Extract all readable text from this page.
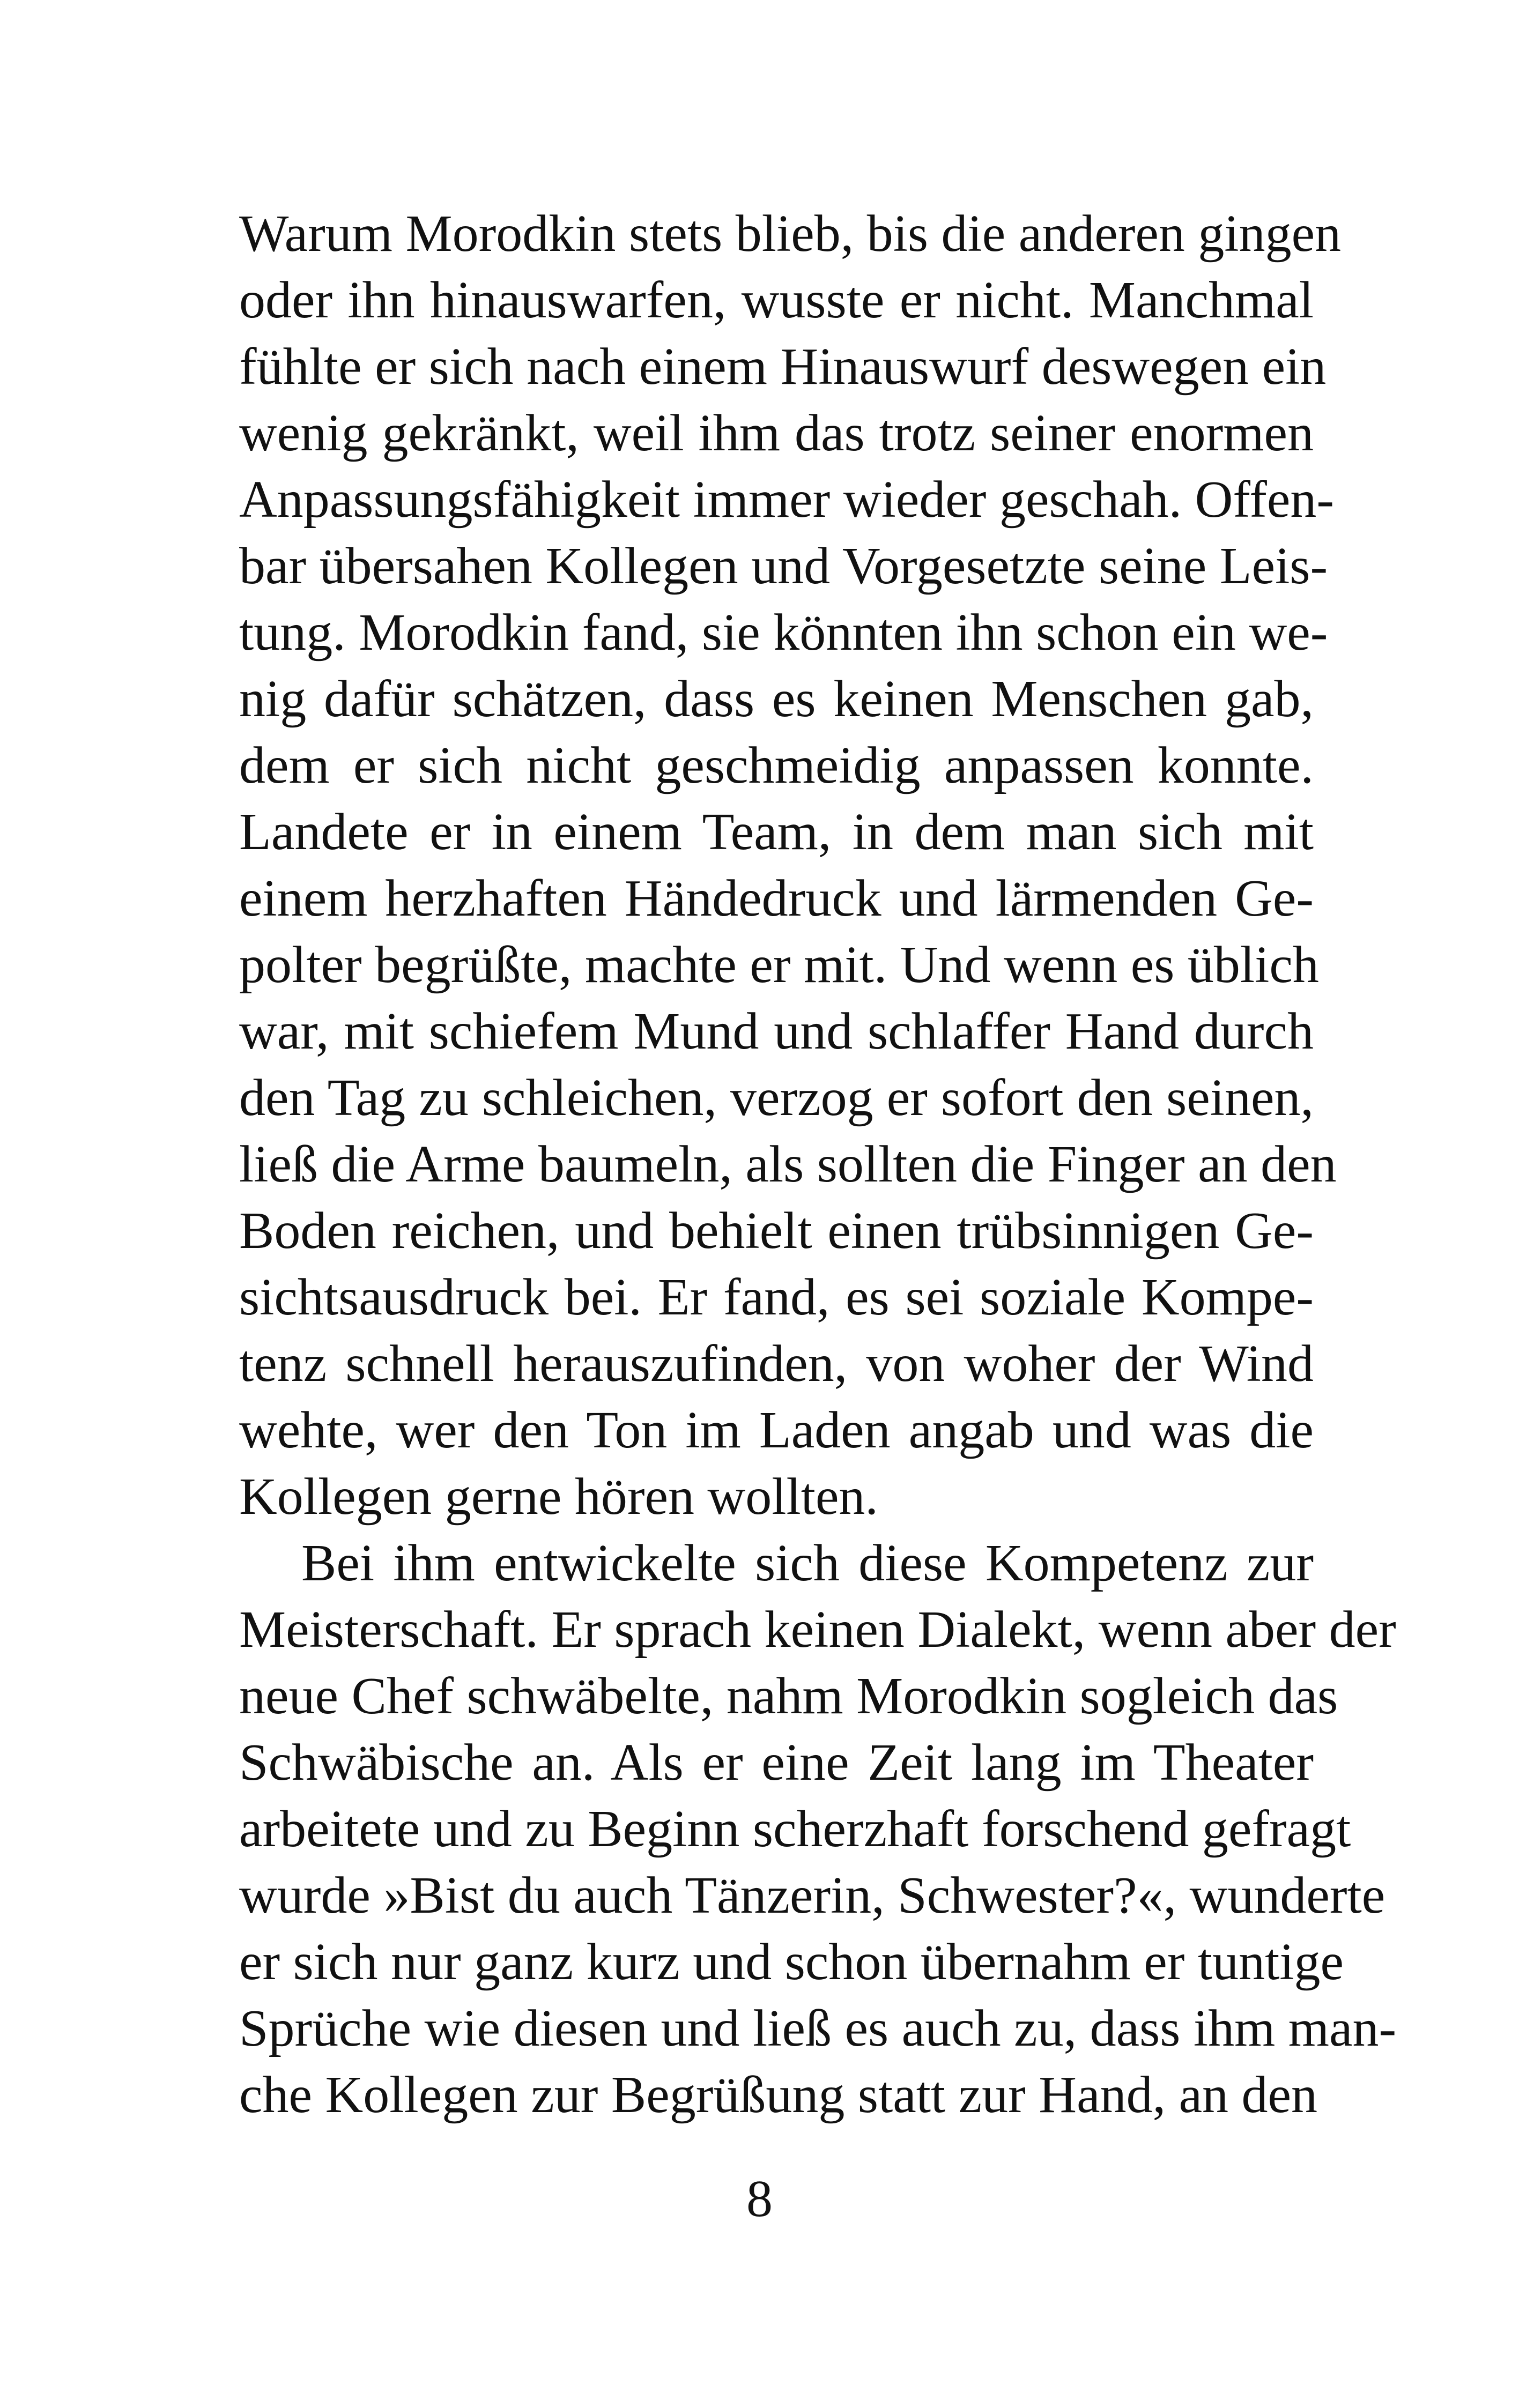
Warum Morodkin stets blieb, bis die anderen gingen
oder ihn hinauswarfen, wusste er nicht. Manchmal
fühlte er sich nach einem Hinauswurf deswegen ein
wenig gekränkt, weil ihm das trotz seiner enormen
Anpassungsfähigkeit immer wieder geschah. Offen-
bar übersahen Kollegen und Vorgesetzte seine Leis-
tung. Morodkin fand, sie könnten ihn schon ein we-
nig dafür schätzen, dass es keinen Menschen gab,
dem er sich nicht geschmeidig anpassen konnte.
Landete er in einem Team, in dem man sich mit
einem herzhaften Händedruck und lärmenden Ge-
polter begrüßte, machte er mit. Und wenn es üblich
war, mit schiefem Mund und schlaffer Hand durch
den Tag zu schleichen, verzog er sofort den seinen,
ließ die Arme baumeln, als sollten die Finger an den
Boden reichen, und behielt einen trübsinnigen Ge-
sichtsausdruck bei. Er fand, es sei soziale Kompe-
tenz schnell herauszufinden, von woher der Wind
wehte, wer den Ton im Laden angab und was die
Kollegen gerne hören wollten.
Bei ihm entwickelte sich diese Kompetenz zur
Meisterschaft. Er sprach keinen Dialekt, wenn aber der
neue Chef schwäbelte, nahm Morodkin sogleich das
Schwäbische an. Als er eine Zeit lang im Theater
arbeitete und zu Beginn scherzhaft forschend gefragt
wurde »Bist du auch Tänzerin, Schwester?«, wunderte
er sich nur ganz kurz und schon übernahm er tuntige
Sprüche wie diesen und ließ es auch zu, dass ihm man-
che Kollegen zur Begrüßung statt zur Hand, an den
8
